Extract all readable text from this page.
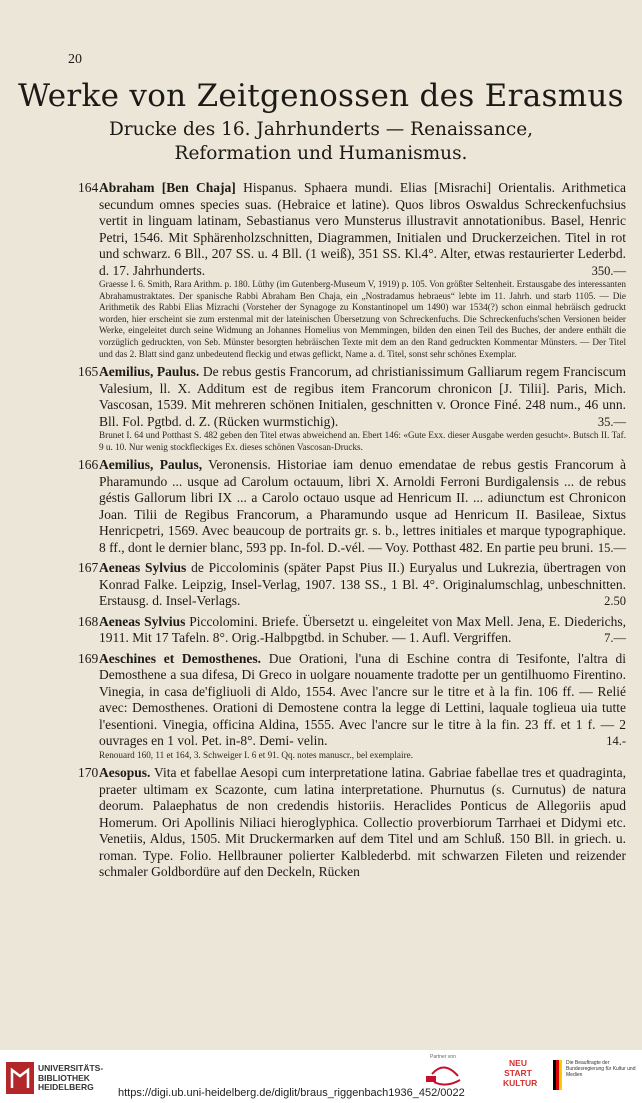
20
Werke von Zeitgenossen des Erasmus
Drucke des 16. Jahrhunderts — Renaissance, Reformation und Humanismus.
164 Abraham [Ben Chaja] Hispanus. Sphaera mundi. Elias [Misrachi] Orientalis. Arithmetica secundum omnes species suas. (Hebraice et latine). Quos libros Oswaldus Schreckenfuchsius vertit in linguam latinam, Sebastianus vero Munsterus illustravit annotationibus. Basel, Henric Petri, 1546. Mit Sphärenholzschnitten, Diagrammen, Initialen und Druckerzeichen. Titel in rot und schwarz. 6 Bll., 207 SS. u. 4 Bll. (1 weiß), 351 SS. Kl.4°. Alter, etwas restaurierter Lederbd. d. 17. Jahrhunderts.	350.—
Graesse I. 6. Smith, Rara Arithm. p. 180. Lüthy (im Gutenberg-Museum V, 1919) p. 105. Von größter Seltenheit. Erstausgabe des interessanten Abrahamustraktates. Der spanische Rabbi Abraham Ben Chaja, ein „Nostradamus hebraeus“ lebte im 11. Jahrh. und starb 1105. — Die Arithmetik des Rabbi Elias Mizrachi (Vorsteher der Synagoge zu Konstantinopel um 1490) war 1534(?) schon einmal hebräisch gedruckt worden, hier erscheint sie zum erstenmal mit der lateinischen Übersetzung von Schreckenfuchs. Die Schreckenfuchs'schen Versionen beider Werke, eingeleitet durch seine Widmung an Johannes Homelius von Memmingen, bilden den einen Teil des Buches, der andere enthält die vorzüglich gedruckten, von Seb. Münster besorgten hebräischen Texte mit dem an den Rand gedruckten Kommentar Münsters. — Der Titel und das 2. Blatt sind ganz unbedeutend fleckig und etwas geflickt, Name a. d. Titel, sonst sehr schönes Exemplar.
165 Aemilius, Paulus. De rebus gestis Francorum, ad christianissimum Galliarum regem Franciscum Valesium, ll. X. Additum est de regibus item Francorum chronicon [J. Tilii]. Paris, Mich. Vascosan, 1539. Mit mehreren schönen Initialen, geschnitten v. Oronce Finé. 248 num., 46 unn. Bll. Fol. Pgtbd. d. Z. (Rücken wurmstichig).	35.—
Brunet I. 64 und Potthast S. 482 geben den Titel etwas abweichend an. Ebert 146: «Gute Exx. dieser Ausgabe werden gesucht». Butsch II. Taf. 9 u. 10. Nur wenig stockfleckiges Ex. dieses schönen Vascosan-Drucks.
166 Aemilius, Paulus, Veronensis. Historiae iam denuo emendatae de rebus gestis Francorum à Pharamundo ... usque ad Carolum octauum, libri X. Arnoldi Ferroni Burdigalensis ... de rebus géstis Gallorum libri IX ... a Carolo octauo usque ad Henricum II. ... adiunctum est Chronicon Joan. Tilii de Regibus Francorum, a Pharamundo usque ad Henricum II. Basileae, Sixtus Henricpetri, 1569. Avec beaucoup de portraits gr. s. b., lettres initiales et marque typographique. 8 ff., dont le dernier blanc, 593 pp. In-fol. D.-vél. — Voy. Potthast 482. En partie peu bruni. 15.—
167 Aeneas Sylvius de Piccolominis (später Papst Pius II.) Euryalus und Lukrezia, übertragen von Konrad Falke. Leipzig, Insel-Verlag, 1907. 138 SS., 1 Bl. 4°. Originalumschlag, unbeschnitten. Erstausg. d. Insel-Verlags.	2.50
168 Aeneas Sylvius Piccolomini. Briefe. Übersetzt u. eingeleitet von Max Mell. Jena, E. Diederichs, 1911. Mit 17 Tafeln. 8°. Orig.-Halbpgtbd. in Schuber. — 1. Aufl. Vergriffen.	7.—
169 Aeschines et Demosthenes. Due Orationi, l'una di Eschine contra di Tesifonte, l'altra di Demosthene a sua difesa, Di Greco in uolgare nouamente tradotte per un gentilhuomo Firentino. Vinegia, in casa de'figliuoli di Aldo, 1554. Avec l'ancre sur le titre et à la fin. 106 ff. — Relié avec: Demosthenes. Orationi di Demostene contra la legge di Lettini, laquale toglieua uia tutte l'esentioni. Vinegia, officina Aldina, 1555. Avec l'ancre sur le titre à la fin. 23 ff. et 1 f. — 2 ouvrages en 1 vol. Pet. in-8°. Demi- velin.	14.-
Renouard 160, 11 et 164, 3. Schweiger I. 6 et 91. Qq. notes manuscr., bel exemplaire.
170 Aesopus. Vita et fabellae Aesopi cum interpretatione latina. Gabriae fabellae tres et quadraginta, praeter ultimam ex Scazonte, cum latina interpretatione. Phurnutus (s. Curnutus) de natura deorum. Palaephatus de non credendis historiis. Heraclides Ponticus de Allegoriis apud Homerum. Ori Apollinis Niliaci hieroglyphica. Collectio proverbiorum Tarrhaei et Didymi etc. Venetiis, Aldus, 1505. Mit Druckermarken auf dem Titel und am Schluß. 150 Bll. in griech. u. roman. Type. Folio. Hellbrauner polierter Kalblederbd. mit schwarzen Fileten und reizender schmaler Goldbordüre auf den Deckeln, Rücken
UNIVERSITÄTS-
BIBLIOTHEK
HEIDELBERG
Partner von
NEU
START
KULTUR
Die Beauftragte der Bundesregierung für Kultur und Medien
https://digi.ub.uni-heidelberg.de/diglit/braus_riggenbach1936_452/0022
